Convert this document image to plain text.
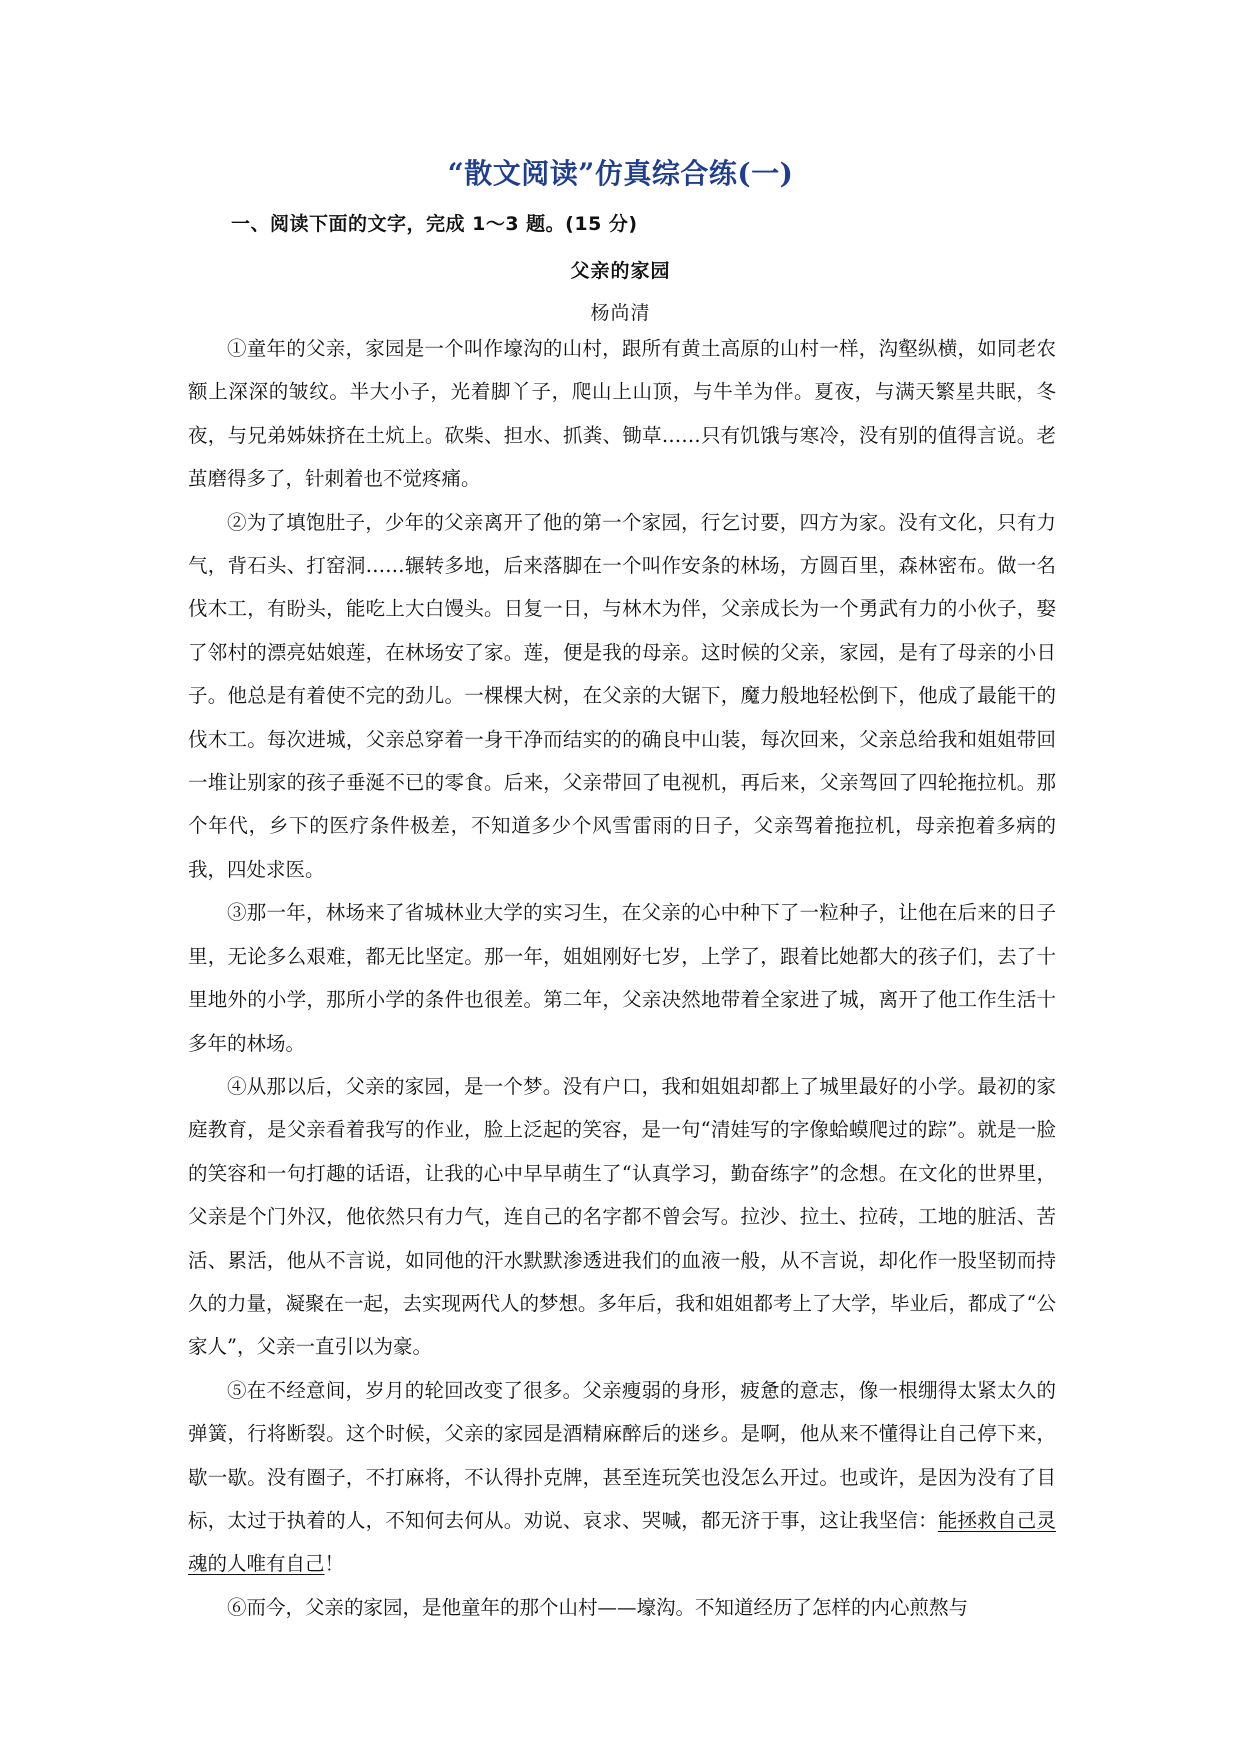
“散文阅读”仿真综合练(一)
一、阅读下面的文字，完成 1～3 题。(15 分)
父亲的家园
杨尚清

①童年的父亲，家园是一个叫作壕沟的山村，跟所有黄土高原的山村一样，沟壑纵横，如同老农额上深深的皱纹。半大小子，光着脚丫子，爬山上山顶，与牛羊为伴。夏夜，与满天繁星共眠，冬夜，与兄弟姊妹挤在土炕上。砍柴、担水、抓粪、锄草……只有饥饿与寒冷，没有别的值得言说。老茧磨得多了，针刺着也不觉疼痛。

②为了填饱肚子，少年的父亲离开了他的第一个家园，行乞讨要，四方为家。没有文化，只有力气，背石头、打窑洞……辗转多地，后来落脚在一个叫作安条的林场，方圆百里，森林密布。做一名伐木工，有盼头，能吃上大白馒头。日复一日，与林木为伴，父亲成长为一个勇武有力的小伙子，娶了邻村的漂亮姑娘莲，在林场安了家。莲，便是我的母亲。这时候的父亲，家园，是有了母亲的小日子。他总是有着使不完的劲儿。一棵棵大树，在父亲的大锯下，魔力般地轻松倒下，他成了最能干的伐木工。每次进城，父亲总穿着一身干净而结实的的确良中山装，每次回来，父亲总给我和姐姐带回一堆让别家的孩子垂涎不已的零食。后来，父亲带回了电视机，再后来，父亲驾回了四轮拖拉机。那个年代，乡下的医疗条件极差，不知道多少个风雪雷雨的日子，父亲驾着拖拉机，母亲抱着多病的我，四处求医。

③那一年，林场来了省城林业大学的实习生，在父亲的心中种下了一粒种子，让他在后来的日子里，无论多么艰难，都无比坚定。那一年，姐姐刚好七岁，上学了，跟着比她都大的孩子们，去了十里地外的小学，那所小学的条件也很差。第二年，父亲决然地带着全家进了城，离开了他工作生活十多年的林场。

④从那以后，父亲的家园，是一个梦。没有户口，我和姐姐却都上了城里最好的小学。最初的家庭教育，是父亲看着我写的作业，脸上泛起的笑容，是一句“清娃写的字像蛤蟆爬过的踪”。就是一脸的笑容和一句打趣的话语，让我的心中早早萌生了“认真学习，勤奋练字”的念想。在文化的世界里，父亲是个门外汉，他依然只有力气，连自己的名字都不曾会写。拉沙、拉土、拉砖，工地的脏活、苦活、累活，他从不言说，如同他的汗水默默渗透进我们的血液一般，从不言说，却化作一股坚韧而持久的力量，凝聚在一起，去实现两代人的梦想。多年后，我和姐姐都考上了大学，毕业后，都成了“公家人”，父亲一直引以为豪。

⑤在不经意间，岁月的轮回改变了很多。父亲瘦弱的身形，疲惫的意志，像一根绷得太紧太久的弹簧，行将断裂。这个时候，父亲的家园是酒精麻醉后的迷乡。是啊，他从来不懂得让自己停下来，歇一歇。没有圈子，不打麻将，不认得扑克牌，甚至连玩笑也没怎么开过。也或许，是因为没有了目标，太过于执着的人，不知何去何从。劝说、哀求、哭喊，都无济于事，这让我坚信：能拯救自己灵魂的人唯有自己！

⑥而今，父亲的家园，是他童年的那个山村——壕沟。不知道经历了怎样的内心煎熬与
